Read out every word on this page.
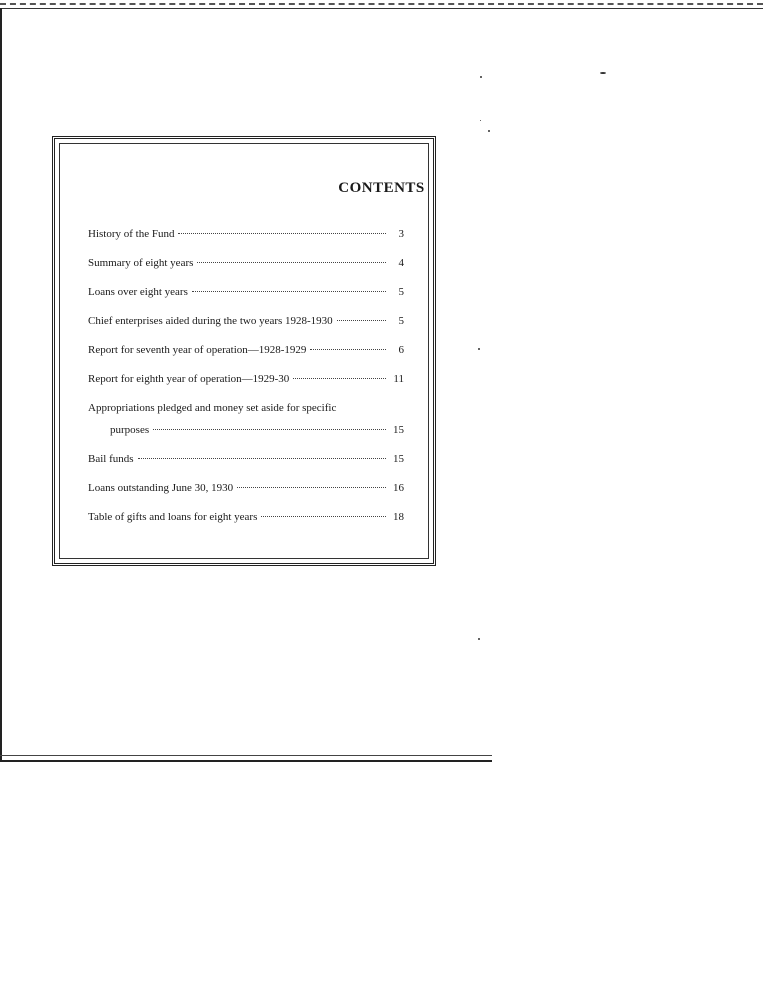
CONTENTS
History of the Fund	3
Summary of eight years	4
Loans over eight years	5
Chief enterprises aided during the two years 1928-1930	5
Report for seventh year of operation—1928-1929	6
Report for eighth year of operation—1929-30	11
Appropriations pledged and money set aside for specific
purposes	15
Bail funds	15
Loans outstanding June 30, 1930	16
Table of gifts and loans for eight years	18
